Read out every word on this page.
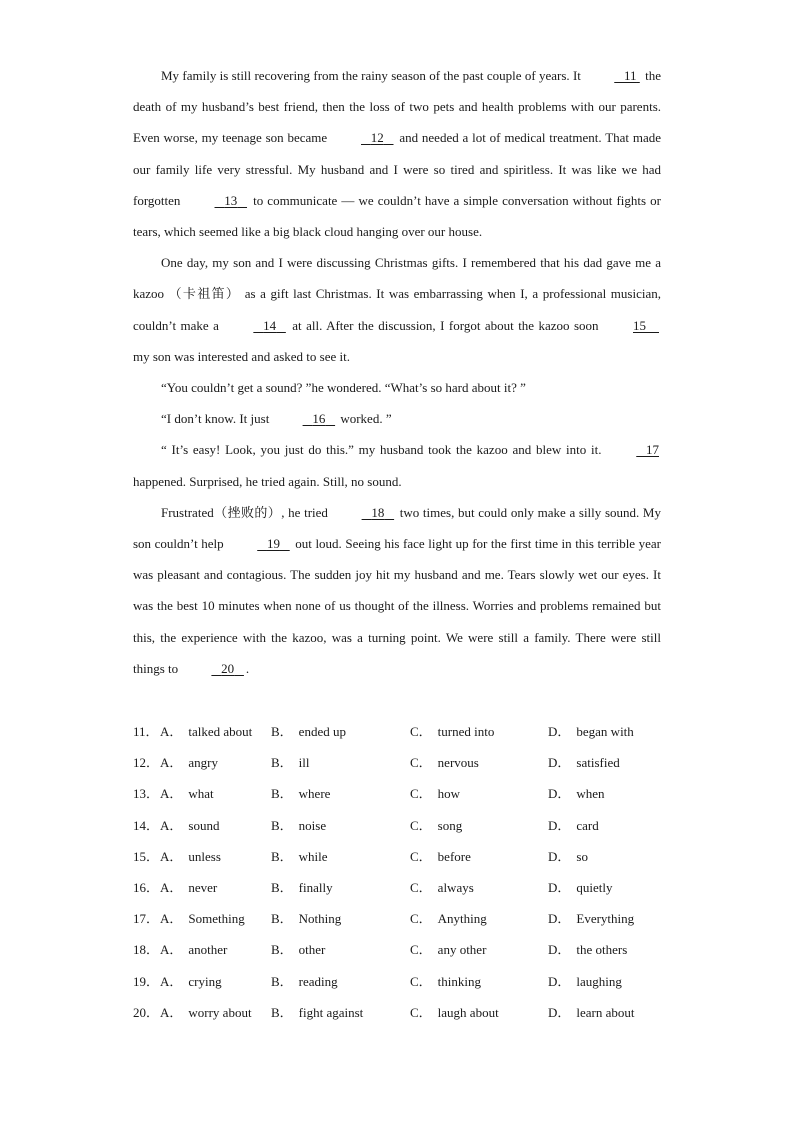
My family is still recovering from the rainy season of the past couple of years. It	11  the death of my husband’s best friend, then the loss of two pets and health problems with our parents. Even worse, my teenage son became	12    and needed a lot of medical treatment. That made our family life very stressful. My husband and I were so tired and spiritless. It was like we had forgotten	13    to communicate — we couldn’t have a simple conversation without fights or tears, which seemed like a big black cloud hanging over our house.

One day, my son and I were discussing Christmas gifts. I remembered that his dad gave me a kazoo （卡祖笛） as a gift last Christmas. It was embarrassing when I, a professional musician, couldn’t make a	14    at all. After the discussion, I forgot about the kazoo soon 15     my son was interested and asked to see it.

“You couldn’t get a sound? ”he wondered. “What’s so hard about it? ”

“I don’t know. It just	16    worked. ”

“ It’s easy! Look, you just do this.” my husband took the kazoo and blew into it.	17 happened. Surprised, he tried again. Still, no sound.

Frustrated（挫败的）, he tried	18    two times, but could only make a silly sound. My son couldn’t help	19    out loud. Seeing his face light up for the first time in this terrible year was pleasant and contagious. The sudden joy hit my husband and me. Tears slowly wet our eyes. It was the best 10 minutes when none of us thought of the illness. Worries and problems remained but this, the experience with the kazoo, was a turning point. We were still a family. There were still things to	20 .

11． A． talked about B． ended up	C． turned into	D． began with
12． A． angry	B． ill	C． nervous	D． satisfied
13． A． what	B． where	C． how	D． when
14． A． sound	B． noise	C． song	D． card
15． A． unless	B． while	C． before	D． so
16． A． never	B． finally	C． always	D． quietly
17． A． Something B． Nothing	C． Anything	D． Everything
18． A． another	B． other	C． any other	D． the others
19． A． crying	B． reading	C． thinking	D． laughing
20． A． worry about B． fight against	C． laugh about	D． learn about
